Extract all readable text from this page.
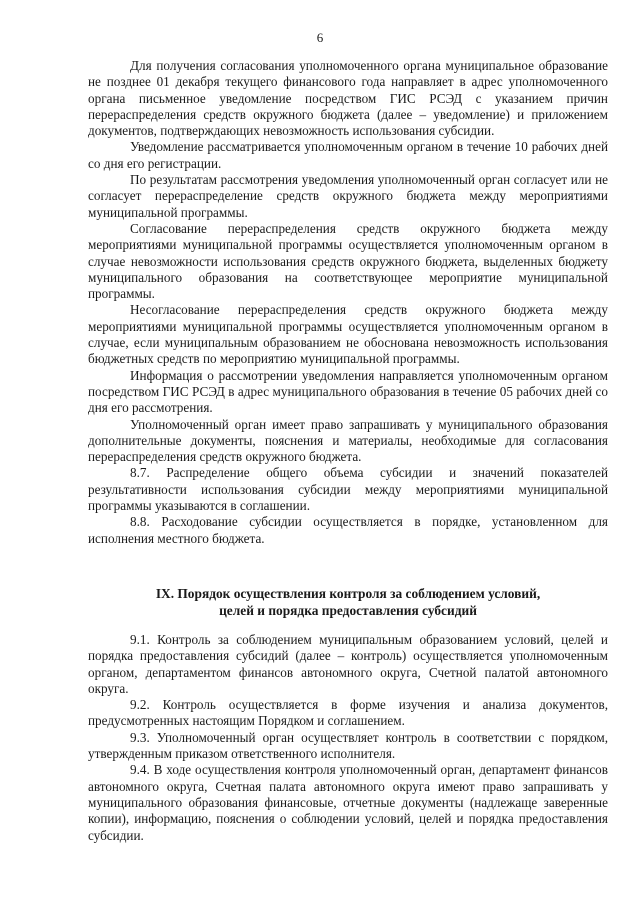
6

Для получения согласования уполномоченного органа муниципальное образование не позднее 01 декабря текущего финансового года направляет в адрес уполномоченного органа письменное уведомление посредством ГИС РСЭД с указанием причин перераспределения средств окружного бюджета (далее – уведомление) и приложением документов, подтверждающих невозможность использования субсидии.

Уведомление рассматривается уполномоченным органом в течение 10 рабочих дней со дня его регистрации.

По результатам рассмотрения уведомления уполномоченный орган согласует или не согласует перераспределение средств окружного бюджета между мероприятиями муниципальной программы.

Согласование перераспределения средств окружного бюджета между мероприятиями муниципальной программы осуществляется уполномоченным органом в случае невозможности использования средств окружного бюджета, выделенных бюджету муниципального образования на соответствующее мероприятие муниципальной программы.

Несогласование перераспределения средств окружного бюджета между мероприятиями муниципальной программы осуществляется уполномоченным органом в случае, если муниципальным образованием не обоснована невозможность использования бюджетных средств по мероприятию муниципальной программы.

Информация о рассмотрении уведомления направляется уполномоченным органом посредством ГИС РСЭД в адрес муниципального образования в течение 05 рабочих дней со дня его рассмотрения.

Уполномоченный орган имеет право запрашивать у муниципального образования дополнительные документы, пояснения и материалы, необходимые для согласования перераспределения средств окружного бюджета.

8.7. Распределение общего объема субсидии и значений показателей результативности использования субсидии между мероприятиями муниципальной программы указываются в соглашении.

8.8. Расходование субсидии осуществляется в порядке, установленном для исполнения местного бюджета.

IX. Порядок осуществления контроля за соблюдением условий,
целей и порядка предоставления субсидий

9.1. Контроль за соблюдением муниципальным образованием условий, целей и порядка предоставления субсидий (далее – контроль) осуществляется уполномоченным органом, департаментом финансов автономного округа, Счетной палатой автономного округа.

9.2. Контроль осуществляется в форме изучения и анализа документов, предусмотренных настоящим Порядком и соглашением.

9.3. Уполномоченный орган осуществляет контроль в соответствии с порядком, утвержденным приказом ответственного исполнителя.

9.4. В ходе осуществления контроля уполномоченный орган, департамент финансов автономного округа, Счетная палата автономного округа имеют право запрашивать у муниципального образования финансовые, отчетные документы (надлежаще заверенные копии), информацию, пояснения о соблюдении условий, целей и порядка предоставления субсидии.
